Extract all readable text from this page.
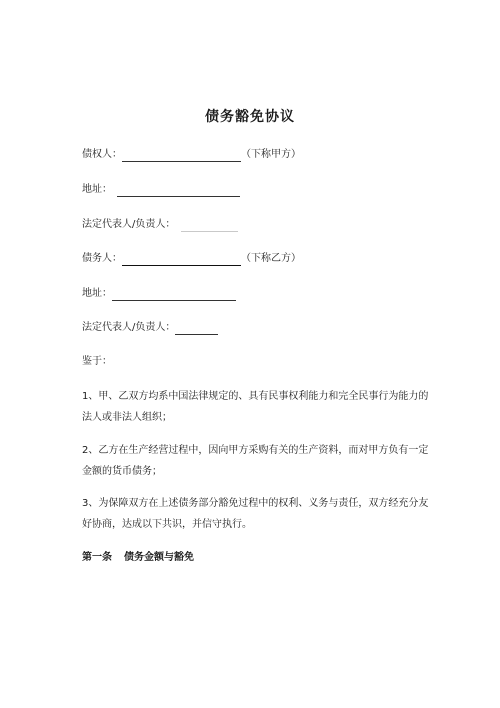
债务豁免协议
债权人：	（下称甲方）
地址：
法定代表人/负责人：
债务人：	（下称乙方）
地址：
法定代表人/负责人：
鉴于：

1、甲、乙双方均系中国法律规定的、具有民事权利能力和完全民事行为能力的法人或非法人组织；

2、乙方在生产经营过程中，因向甲方采购有关的生产资料，而对甲方负有一定金额的货币债务；

3、为保障双方在上述债务部分豁免过程中的权利、义务与责任，双方经充分友好协商，达成以下共识，并信守执行。

第一条 债务金额与豁免
